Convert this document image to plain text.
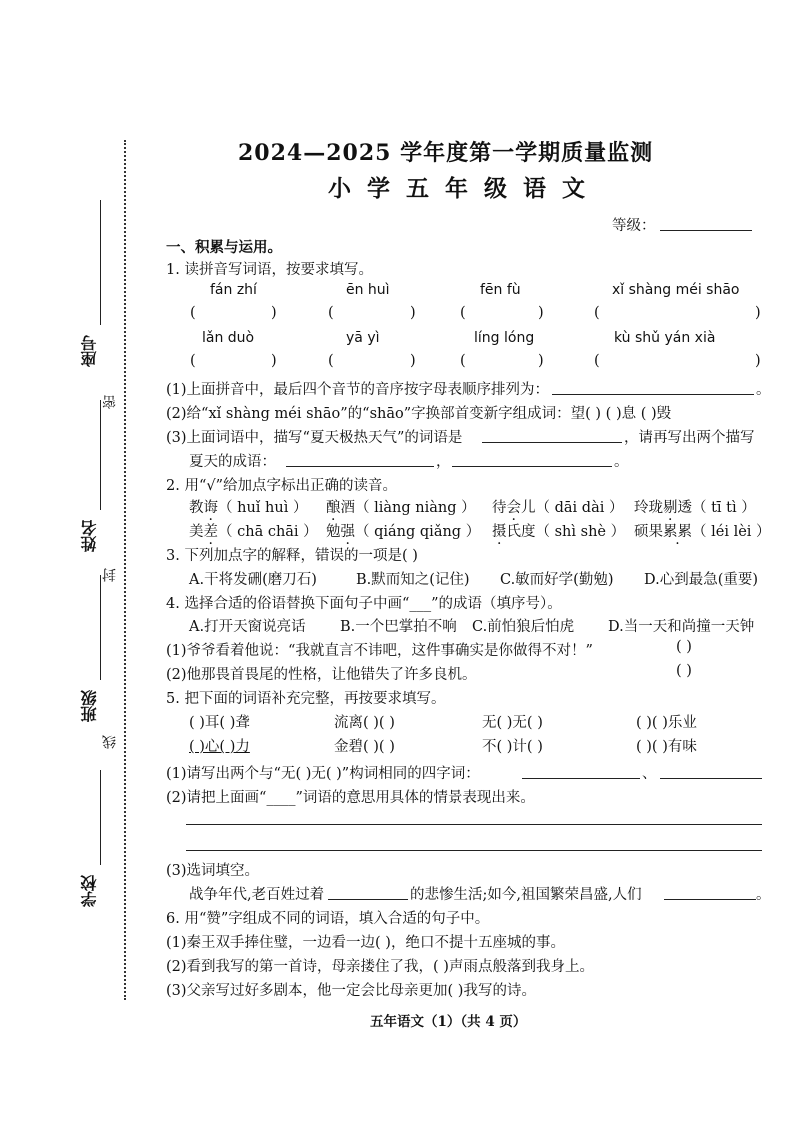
座号
姓名
班级
学校
密
封
线
2024—2025 学年度第一学期质量监测
小学五年级语文
等级：
一、积累与运用。
1. 读拼音写词语，按要求填写。
fán zhí	ēn huì	fēn fù	xǐ shàng méi shāo
(	)	(	)	(	)	(	)
lǎn duò	yā yì	líng lóng	kù shǔ yán xià
(	)	(	)	(	)	(	)
(1)上面拼音中，最后四个音节的音序按字母表顺序排列为：	。
(2)给“xǐ shàng méi shāo”的“shāo”字换部首变新字组成词：望( ) ( )息 ( )毁
(3)上面词语中，描写“夏天极热天气”的词语是	，请再写出两个描写
夏天的成语：	，	。
2. 用“√”给加点字标出正确的读音。
教诲（ huǐ huì ） 酿酒（ liàng niàng ） 待会儿（ dāi dài ） 玲珑剔透（ tī tì ）
美差（ chā chāi ） 勉强（ qiáng qiǎng ） 摄氏度（ shì shè ） 硕果累累（ léi lèi ）
3. 下列加点字的解释，错误的一项是( )
A.干将发硎(磨刀石)	B.默而知之(记住) C.敏而好学(勤勉) D.心到最急(重要)
4. 选择合适的俗语替换下面句子中画“___”的成语（填序号）。
A.打开天窗说亮话 B.一个巴掌拍不响 C.前怕狼后怕虎 D.当一天和尚撞一天钟
(1)爷爷看着他说：“我就直言不讳吧，这件事确实是你做得不对！”	( )
(2)他那畏首畏尾的性格，让他错失了许多良机。	( )
5. 把下面的词语补充完整，再按要求填写。
( )耳( )聋	流离( )( )	无( )无( )	( )( )乐业
( )心( )力	金碧( )( )	不( )计( )	( )( )有味
(1)请写出两个与“无( )无( )”构词相同的四字词：	、
(2)请把上面画“____”词语的意思用具体的情景表现出来。
(3)选词填空。
战争年代,老百姓过着	的悲惨生活;如今,祖国繁荣昌盛,人们	。
6. 用“赞”字组成不同的词语，填入合适的句子中。
(1)秦王双手捧住璧，一边看一边( )，绝口不提十五座城的事。
(2)看到我写的第一首诗，母亲搂住了我，( )声雨点般落到我身上。
(3)父亲写过好多剧本，他一定会比母亲更加( )我写的诗。
五年语文（1）（共 4 页）
